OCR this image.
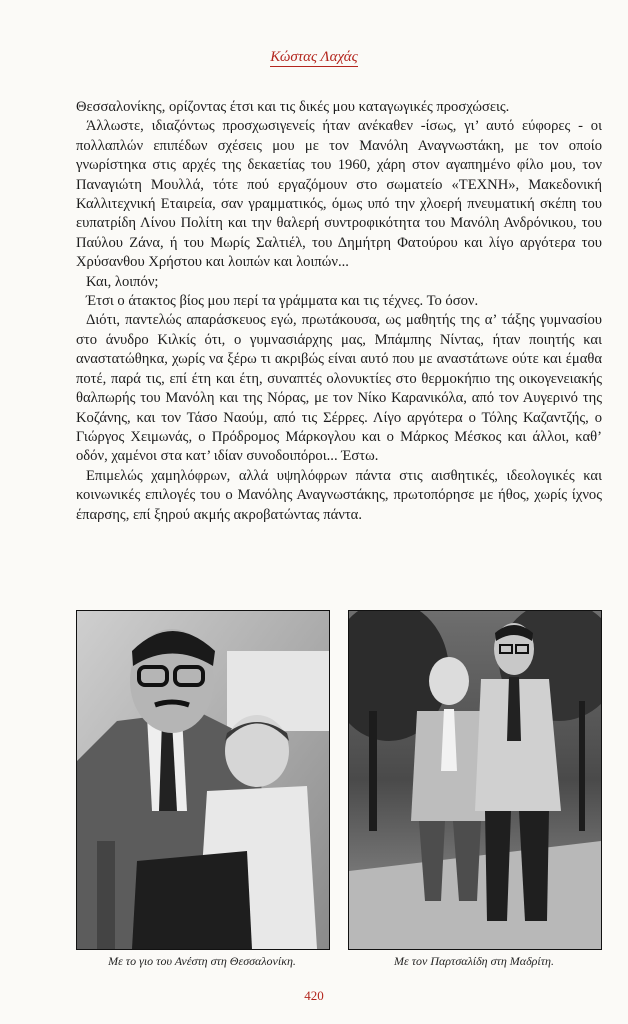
Κώστας Λαχάς

Θεσσαλονίκης, ορίζοντας έτσι και τις δικές μου καταγωγικές προσχώσεις.

Άλλωστε, ιδιαζόντως προσχωσιγενείς ήταν ανέκαθεν -ίσως, γι’ αυτό εύφορες - οι πολλαπλών επιπέδων σχέσεις μου με τον Μανόλη Αναγνωστάκη, με τον οποίο γνωρίστηκα στις αρχές της δεκαετίας του 1960, χάρη στον αγαπημένο φίλο μου, τον Παναγιώτη Μουλλά, τότε πού εργαζόμουν στο σωματείο «ΤΕΧΝΗ», Μακεδονική Καλλιτεχνική Εταιρεία, σαν γραμματικός, όμως υπό την χλοερή πνευματική σκέπη του ευπατρίδη Λίνου Πολίτη και την θαλερή συντροφικότητα του Μανόλη Ανδρόνικου, του Παύλου Ζάνα, ή του Μωρίς Σαλτιέλ, του Δημήτρη Φατούρου και λίγο αργότερα του Χρύσανθου Χρήστου και λοιπών και λοιπών...

Και, λοιπόν;

Έτσι ο άτακτος βίος μου περί τα γράμματα και τις τέχνες. Το όσον.

Διότι, παντελώς απαράσκευος εγώ, πρωτάκουσα, ως μαθητής της α’ τάξης γυμνασίου στο άνυδρο Κιλκίς ότι, ο γυμνασιάρχης μας, Μπάμπης Νίντας, ήταν ποιητής και αναστατώθηκα, χωρίς να ξέρω τι ακριβώς είναι αυτό που με αναστάτωνε ούτε και έμαθα ποτέ, παρά τις, επί έτη και έτη, συναπτές ολονυκτίες στο θερμοκήπιο της οικογενειακής θαλπωρής του Μανόλη και της Νόρας, με τον Νίκο Καρανικόλα, από τον Αυγερινό της Κοζάνης, και τον Τάσο Ναούμ, από τις Σέρρες. Λίγο αργότερα ο Τόλης Καζαντζής, ο Γιώργος Χειμωνάς, ο Πρόδρομος Μάρκογλου και ο Μάρκος Μέσκος και άλλοι, καθ’ οδόν, χαμένοι στα κατ’ ιδίαν συνοδοιπόροι... Έστω.

Επιμελώς χαμηλόφρων, αλλά υψηλόφρων πάντα στις αισθητικές, ιδεολογικές και κοινωνικές επιλογές του ο Μανόλης Αναγνωστάκης, πρωτοπόρησε με ήθος, χωρίς ίχνος έπαρσης, επί ξηρού ακμής ακροβατώντας πάντα.

Με το γιο του Ανέστη στη Θεσσαλονίκη.	Με τον Παρτσαλίδη στη Μαδρίτη.
420
